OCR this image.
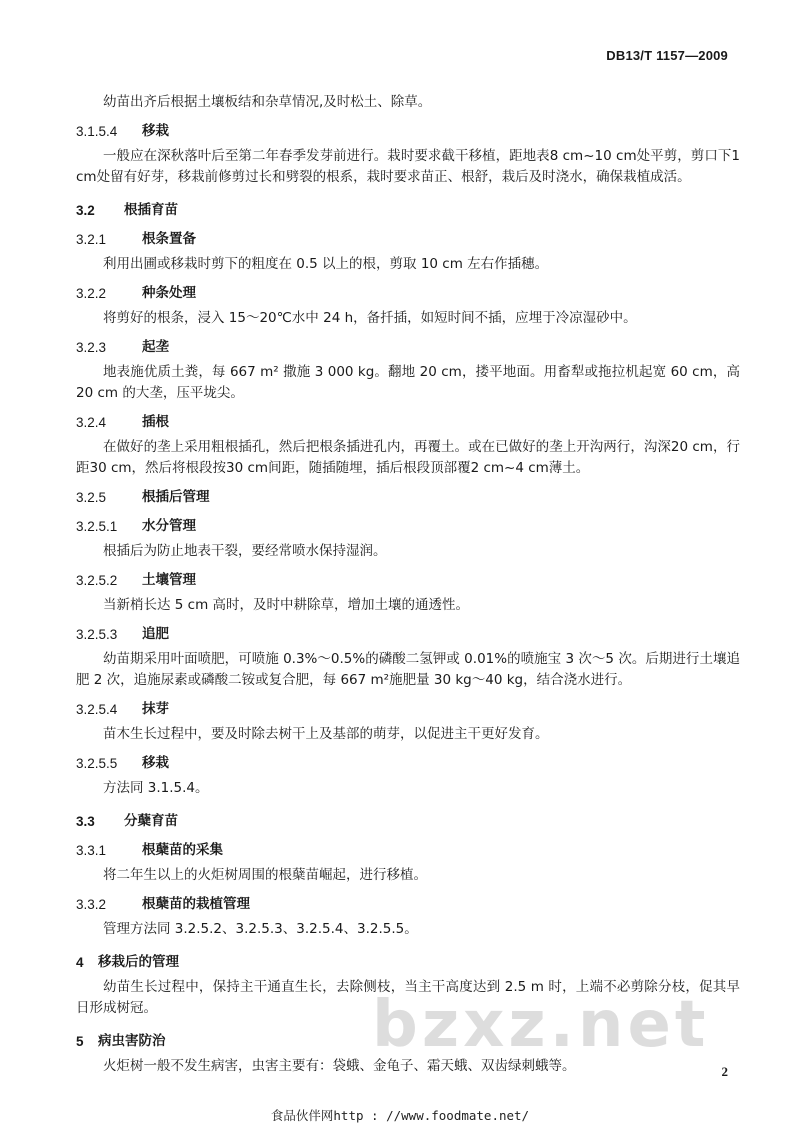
DB13/T 1157—2009
幼苗出齐后根据土壤板结和杂草情况,及时松土、除草。
3.1.5.4	移栽
一般应在深秋落叶后至第二年春季发芽前进行。栽时要求截干移植，距地表8 cm~10 cm处平剪，剪口下1 cm处留有好芽，移栽前修剪过长和劈裂的根系，栽时要求苗正、根舒，栽后及时浇水，确保栽植成活。
3.2	根插育苗
3.2.1	根条置备
利用出圃或移栽时剪下的粗度在 0.5 以上的根，剪取 10 cm 左右作插穗。
3.2.2	种条处理
将剪好的根条，浸入 15～20℃水中 24 h，备扦插，如短时间不插，应埋于冷凉湿砂中。
3.2.3	起垄
地表施优质土粪，每 667 m² 撒施 3 000 kg。翻地 20 cm，搂平地面。用畜犁或拖拉机起宽 60 cm，高 20 cm 的大垄，压平垅尖。
3.2.4	插根
在做好的垄上采用粗根插孔，然后把根条插进孔内，再覆土。或在已做好的垄上开沟两行，沟深20 cm，行距30 cm，然后将根段按30 cm间距，随插随埋，插后根段顶部覆2 cm~4 cm薄土。
3.2.5	根插后管理
3.2.5.1	水分管理
根插后为防止地表干裂，要经常喷水保持湿润。
3.2.5.2	土壤管理
当新梢长达 5 cm 高时，及时中耕除草，增加土壤的通透性。
3.2.5.3	追肥
幼苗期采用叶面喷肥，可喷施 0.3%～0.5%的磷酸二氢钾或 0.01%的喷施宝 3 次～5 次。后期进行土壤追肥 2 次，追施尿素或磷酸二铵或复合肥，每 667 m²施肥量 30 kg～40 kg，结合浇水进行。
3.2.5.4	抹芽
苗木生长过程中，要及时除去树干上及基部的萌芽，以促进主干更好发育。
3.2.5.5	移栽
方法同 3.1.5.4。
3.3	分蘖育苗
3.3.1	根蘖苗的采集
将二年生以上的火炬树周围的根蘖苗崛起，进行移植。
3.3.2	根蘖苗的栽植管理
管理方法同 3.2.5.2、3.2.5.3、3.2.5.4、3.2.5.5。
4	移栽后的管理
幼苗生长过程中，保持主干通直生长，去除侧枝，当主干高度达到 2.5 m 时，上端不必剪除分枝，促其早日形成树冠。
5	病虫害防治
火炬树一般不发生病害，虫害主要有：袋蛾、金龟子、霜天蛾、双齿绿刺蛾等。
bzxz.net
2
食品伙伴网http : //www.foodmate.net/
